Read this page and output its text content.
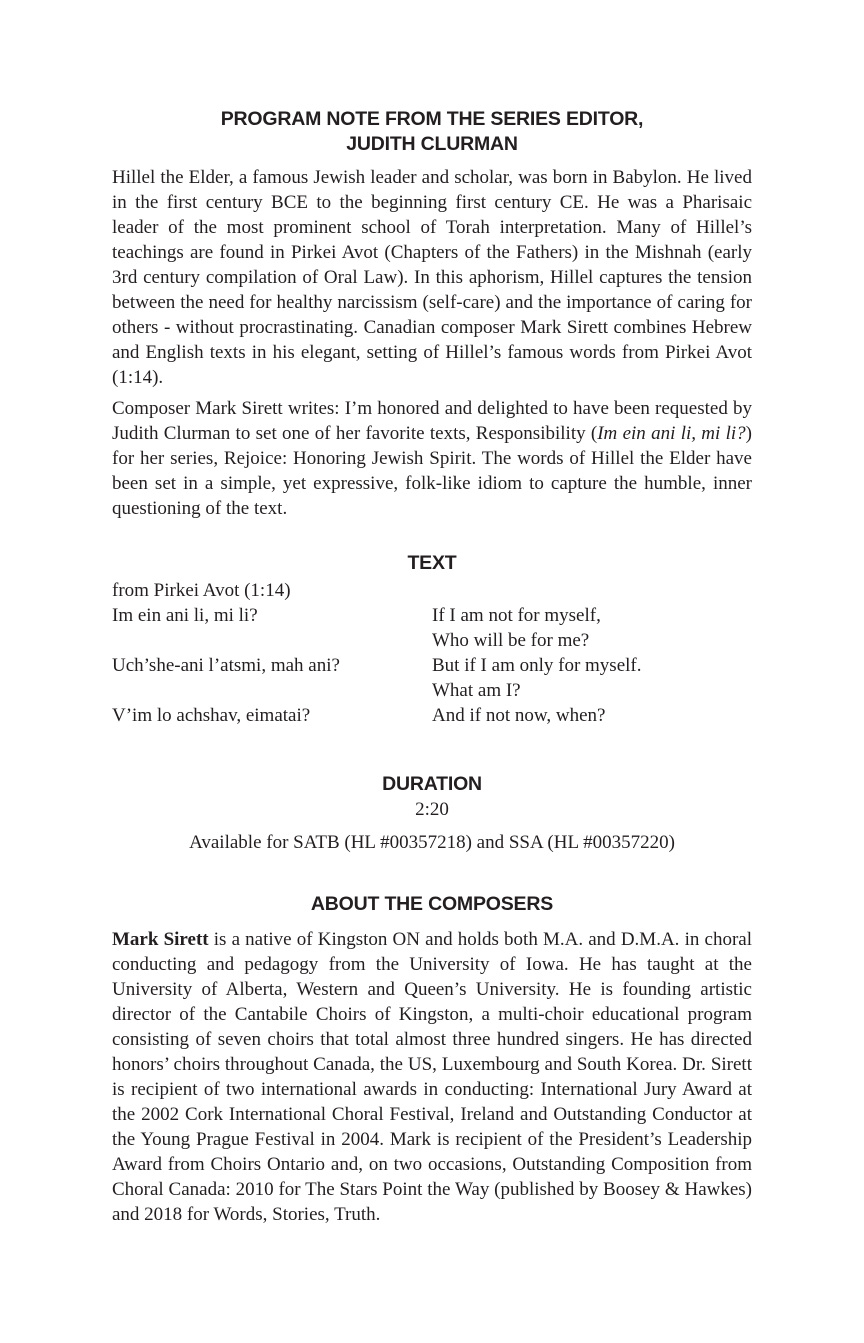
PROGRAM NOTE FROM THE SERIES EDITOR,
JUDITH CLURMAN

Hillel the Elder, a famous Jewish leader and scholar, was born in Babylon. He lived in the first century BCE to the beginning first century CE. He was a Pharisaic leader of the most prominent school of Torah interpretation. Many of Hillel’s teachings are found in Pirkei Avot (Chapters of the Fathers) in the Mishnah (early 3rd century compilation of Oral Law). In this aphorism, Hillel captures the tension between the need for healthy narcissism (self-care) and the importance of caring for others - without procrastinating. Canadian composer Mark Sirett combines Hebrew and English texts in his elegant, setting of Hillel’s famous words from Pirkei Avot (1:14).

Composer Mark Sirett writes: I’m honored and delighted to have been requested by Judith Clurman to set one of her favorite texts, Responsibility (Im ein ani li, mi li?) for her series, Rejoice: Honoring Jewish Spirit. The words of Hillel the Elder have been set in a simple, yet expressive, folk-like idiom to capture the humble, inner questioning of the text.

TEXT
from Pirkei Avot (1:14)
Im ein ani li, mi li?	If I am not for myself,
Who will be for me?
Uch’she-ani l’atsmi, mah ani?	But if I am only for myself.
What am I?
V’im lo achshav, eimatai?	And if not now, when?
DURATION
2:20
Available for SATB (HL #00357218) and SSA (HL #00357220)
ABOUT THE COMPOSERS

Mark Sirett is a native of Kingston ON and holds both M.A. and D.M.A. in choral conducting and pedagogy from the University of Iowa. He has taught at the University of Alberta, Western and Queen’s University. He is founding artistic director of the Cantabile Choirs of Kingston, a multi-choir educational program consisting of seven choirs that total almost three hundred singers. He has directed honors’ choirs throughout Canada, the US, Luxembourg and South Korea. Dr. Sirett is recipient of two international awards in conducting: International Jury Award at the 2002 Cork International Choral Festival, Ireland and Outstanding Conductor at the Young Prague Festival in 2004. Mark is recipient of the President’s Leadership Award from Choirs Ontario and, on two occasions, Outstanding Composition from Choral Canada: 2010 for The Stars Point the Way (published by Boosey & Hawkes) and 2018 for Words, Stories, Truth.
